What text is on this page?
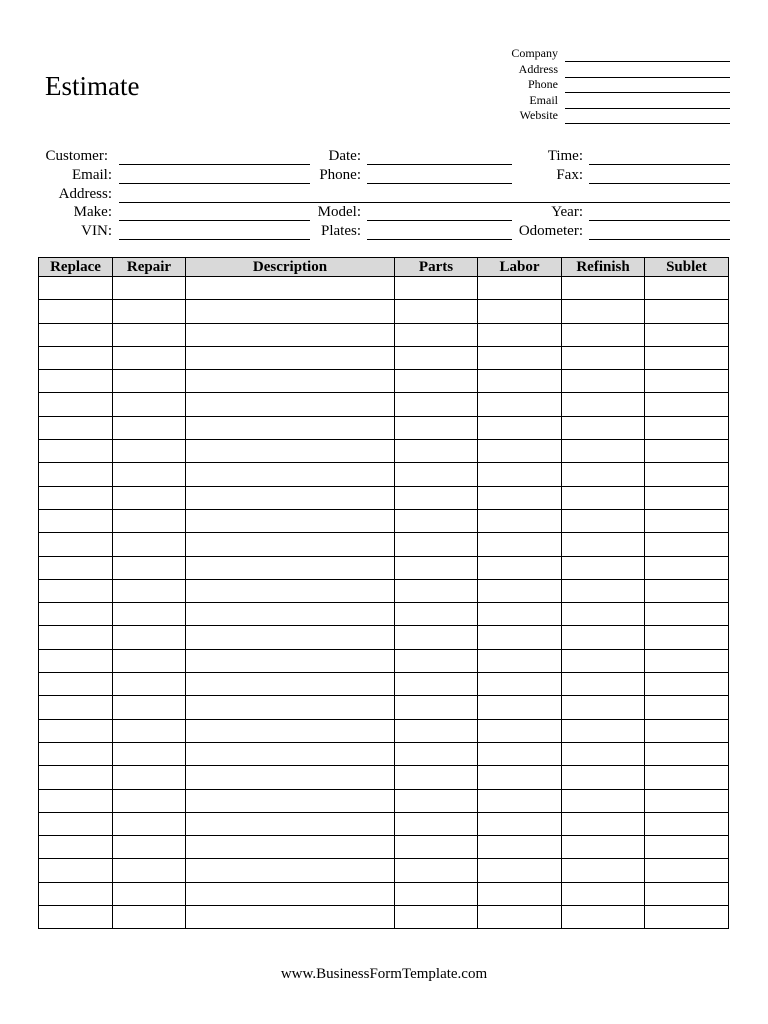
Estimate
Company
Address
Phone
Email
Website
Customer:	Date:	Time:
Email:	Phone:	Fax:
Address:
Make:	Model:	Year:
VIN:	Plates:	Odometer:
Replace	Repair	Description	Parts	Labor	Refinish	Sublet

www.BusinessFormTemplate.com
